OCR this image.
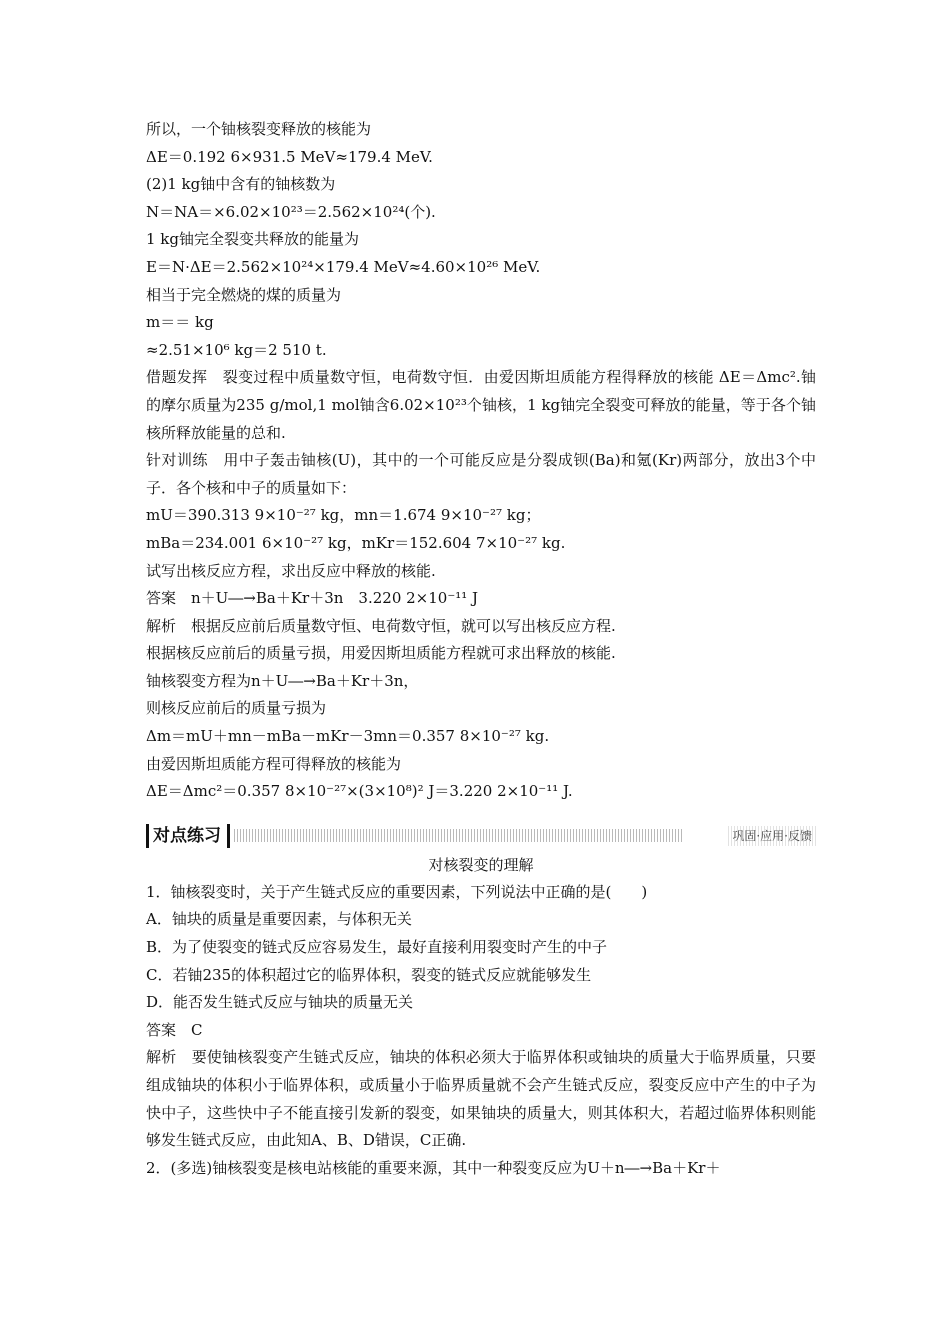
所以，一个铀核裂变释放的核能为
ΔE＝0.192 6×931.5 MeV≈179.4 MeV.
(2)1 kg铀中含有的铀核数为
N＝NA＝×6.02×10²³＝2.562×10²⁴(个).
1 kg铀完全裂变共释放的能量为
E＝N·ΔE＝2.562×10²⁴×179.4 MeV≈4.60×10²⁶ MeV.
相当于完全燃烧的煤的质量为
m＝＝ kg
≈2.51×10⁶ kg＝2 510 t.
借题发挥　裂变过程中质量数守恒，电荷数守恒．由爱因斯坦质能方程得释放的核能 ΔE＝Δmc².铀的摩尔质量为235 g/mol,1 mol铀含6.02×10²³个铀核，1 kg铀完全裂变可释放的能量，等于各个铀核所释放能量的总和.
针对训练　用中子轰击铀核(U)，其中的一个可能反应是分裂成钡(Ba)和氪(Kr)两部分，放出3个中子．各个核和中子的质量如下：
mU＝390.313 9×10⁻²⁷ kg，mn＝1.674 9×10⁻²⁷ kg；
mBa＝234.001 6×10⁻²⁷ kg，mKr＝152.604 7×10⁻²⁷ kg.
试写出核反应方程，求出反应中释放的核能.
答案　n＋U―→Ba＋Kr＋3n　3.220 2×10⁻¹¹ J
解析　根据反应前后质量数守恒、电荷数守恒，就可以写出核反应方程.
根据核反应前后的质量亏损，用爱因斯坦质能方程就可求出释放的核能.
铀核裂变方程为n＋U―→Ba＋Kr＋3n，
则核反应前后的质量亏损为
Δm＝mU＋mn－mBa－mKr－3mn＝0.357 8×10⁻²⁷ kg.
由爱因斯坦质能方程可得释放的核能为
ΔE＝Δmc²＝0.357 8×10⁻²⁷×(3×10⁸)² J＝3.220 2×10⁻¹¹ J.
对点练习	巩固·应用·反馈
对核裂变的理解
1．铀核裂变时，关于产生链式反应的重要因素，下列说法中正确的是(　　)
A．铀块的质量是重要因素，与体积无关
B．为了使裂变的链式反应容易发生，最好直接利用裂变时产生的中子
C．若铀235的体积超过它的临界体积，裂变的链式反应就能够发生
D．能否发生链式反应与铀块的质量无关
答案　C
解析　要使铀核裂变产生链式反应，铀块的体积必须大于临界体积或铀块的质量大于临界质量，只要组成铀块的体积小于临界体积，或质量小于临界质量就不会产生链式反应，裂变反应中产生的中子为快中子，这些快中子不能直接引发新的裂变，如果铀块的质量大，则其体积大，若超过临界体积则能够发生链式反应，由此知A、B、D错误，C正确.
2．(多选)铀核裂变是核电站核能的重要来源，其中一种裂变反应为U＋n―→Ba＋Kr＋
